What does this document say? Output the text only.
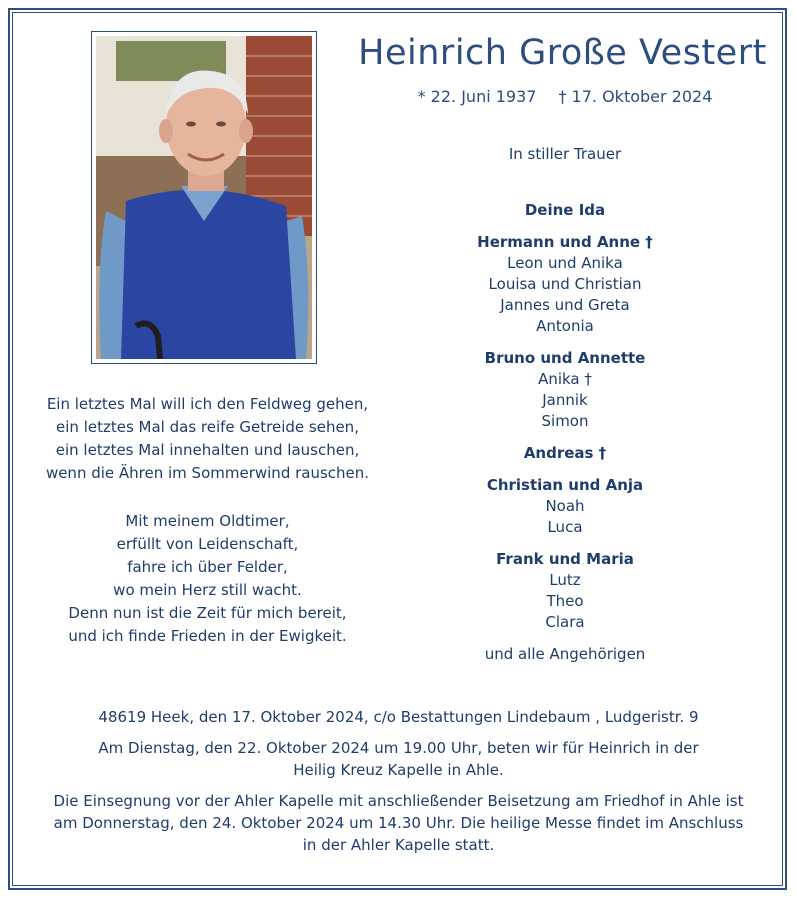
Heinrich Große Vestert
* 22. Juni 1937 † 17. Oktober 2024
In stiller Trauer
Deine Ida
Hermann und Anne †
Leon und Anika
Louisa und Christian
Jannes und Greta
Antonia
Bruno und Annette
Anika †
Jannik
Simon
Andreas †
Christian und Anja
Noah
Luca
Frank und Maria
Lutz
Theo
Clara
und alle Angehörigen
Ein letztes Mal will ich den Feldweg gehen,
ein letztes Mal das reife Getreide sehen,
ein letztes Mal innehalten und lauschen,
wenn die Ähren im Sommerwind rauschen.
Mit meinem Oldtimer,
erfüllt von Leidenschaft,
fahre ich über Felder,
wo mein Herz still wacht.
Denn nun ist die Zeit für mich bereit,
und ich finde Frieden in der Ewigkeit.

48619 Heek, den 17. Oktober 2024, c/o Bestattungen Lindebaum , Ludgeristr. 9

Am Dienstag, den 22. Oktober 2024 um 19.00 Uhr, beten wir für Heinrich in der
Heilig Kreuz Kapelle in Ahle.

Die Einsegnung vor der Ahler Kapelle mit anschließender Beisetzung am Friedhof in Ahle ist
am Donnerstag, den 24. Oktober 2024 um 14.30 Uhr. Die heilige Messe findet im Anschluss
in der Ahler Kapelle statt.
